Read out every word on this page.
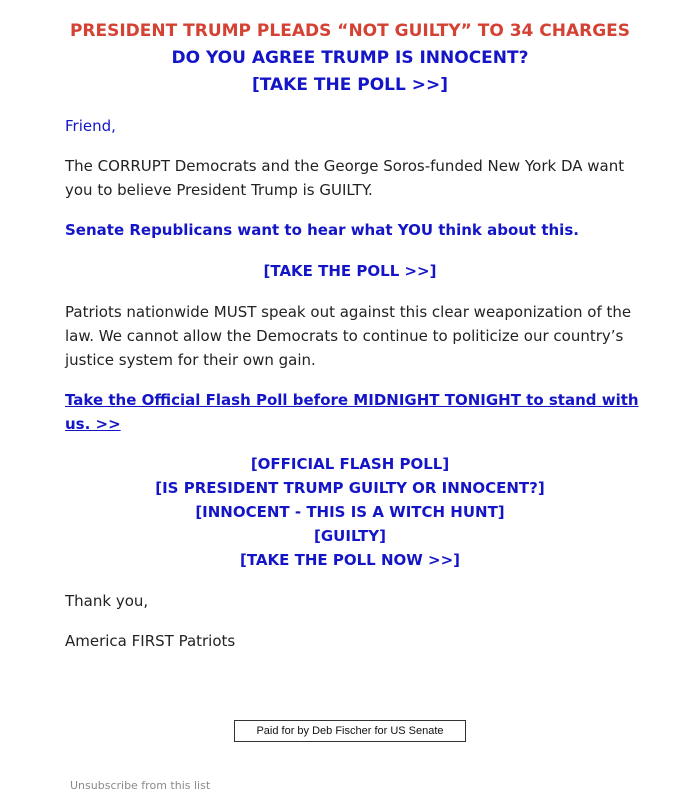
PRESIDENT TRUMP PLEADS “NOT GUILTY” TO 34 CHARGES
DO YOU AGREE TRUMP IS INNOCENT?
[TAKE THE POLL >>]
Friend,
The CORRUPT Democrats and the George Soros-funded New York DA want you to believe President Trump is GUILTY.
Senate Republicans want to hear what YOU think about this.
[TAKE THE POLL >>]
Patriots nationwide MUST speak out against this clear weaponization of the law. We cannot allow the Democrats to continue to politicize our country’s justice system for their own gain.
Take the Official Flash Poll before MIDNIGHT TONIGHT to stand with us. >>
[OFFICIAL FLASH POLL]
[IS PRESIDENT TRUMP GUILTY OR INNOCENT?]
[INNOCENT - THIS IS A WITCH HUNT]
[GUILTY]
[TAKE THE POLL NOW >>]
Thank you,
America FIRST Patriots
Paid for by Deb Fischer for US Senate
Unsubscribe from this list
